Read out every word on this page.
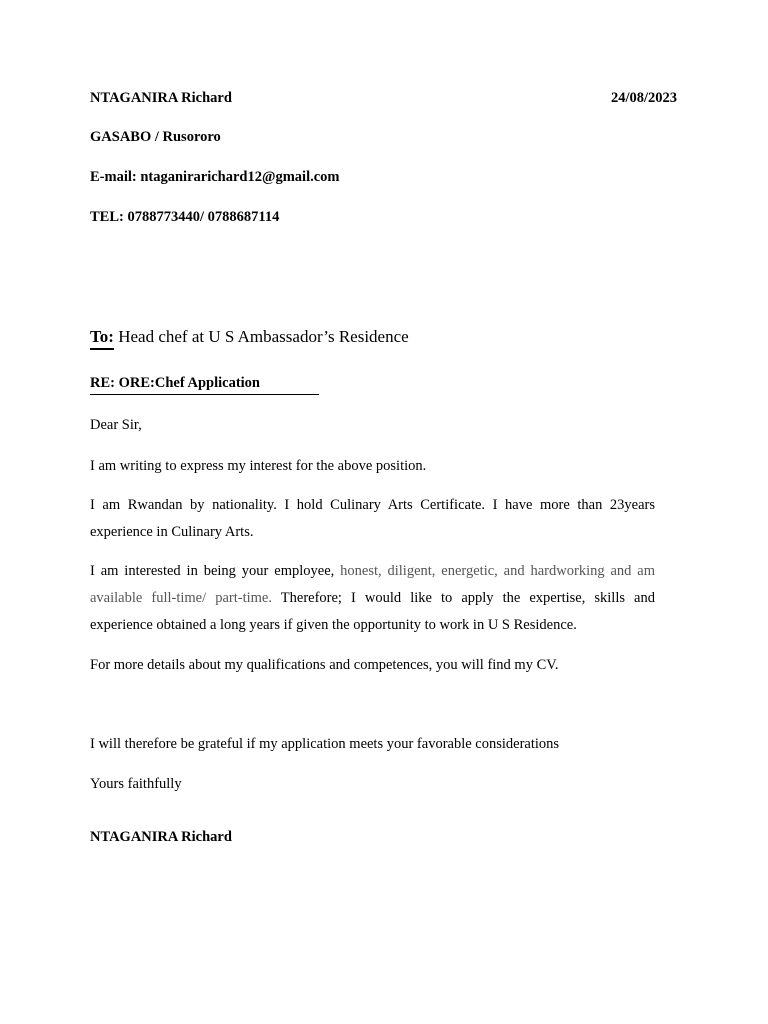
NTAGANIRA Richard	24/08/2023
GASABO / Rusororo
E-mail: ntaganirarichard12@gmail.com
TEL: 0788773440/ 0788687114
To: Head chef at U S Ambassador’s Residence
RE: ORE:Chef Application
Dear Sir,
I am writing to express my interest for the above position.
I am Rwandan by nationality. I hold Culinary Arts Certificate. I have more than 23years experience in Culinary Arts.
I am interested in being your employee, honest, diligent, energetic, and hardworking and am available full-time/ part-time. Therefore; I would like to apply the expertise, skills and experience obtained a long years if given the opportunity to work in U S Residence.
For more details about my qualifications and competences, you will find my CV.
I will therefore be grateful if my application meets your favorable considerations
Yours faithfully
NTAGANIRA Richard
